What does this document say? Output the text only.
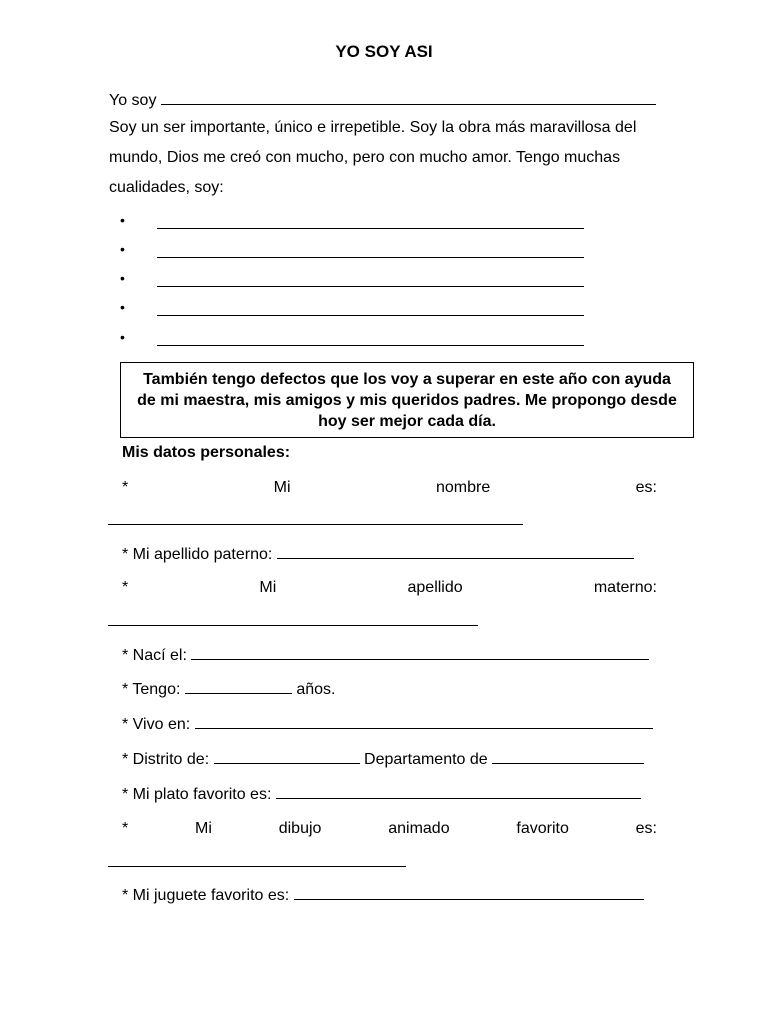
YO SOY ASI
Yo soy
Soy un ser importante, único e irrepetible. Soy la obra más maravillosa del
mundo, Dios me creó con mucho, pero con mucho amor. Tengo muchas
cualidades, soy:
•
•
•
•
•
También tengo defectos que los voy a superar en este año con ayuda de mi maestra, mis amigos y mis queridos padres. Me propongo desde hoy ser mejor cada día.
Mis datos personales:
*	Mi	nombre	es:
* Mi apellido paterno:
*	Mi	apellido	materno:
* Nací el:
* Tengo:	años.
* Vivo en:
* Distrito de:	Departamento de
* Mi plato favorito es:
*	Mi	dibujo	animado	favorito	es:
* Mi juguete favorito es:
